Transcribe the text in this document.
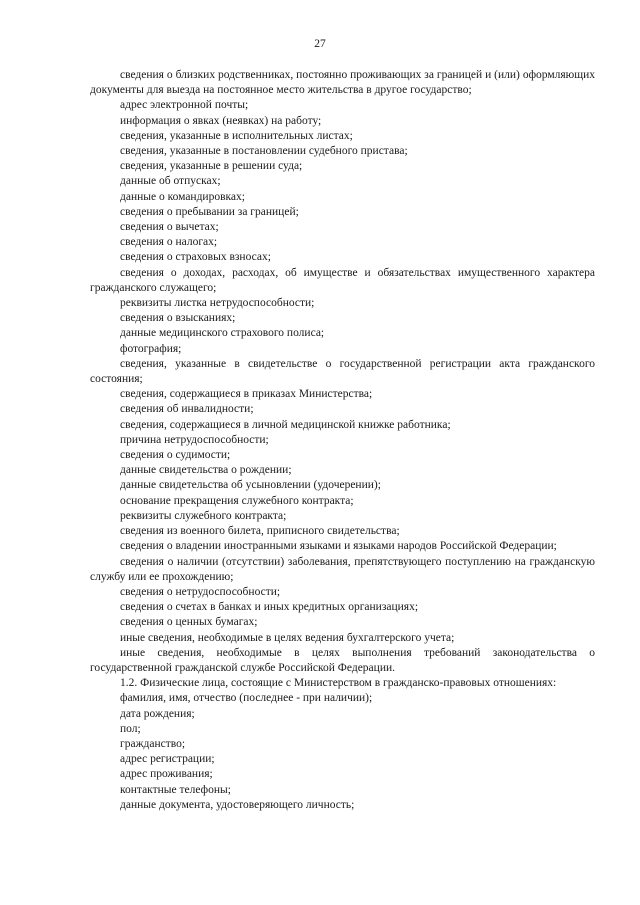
27

сведения о близких родственниках, постоянно проживающих за границей и (или) оформляющих документы для выезда на постоянное место жительства в другое государство;

адрес электронной почты;

информация о явках (неявках) на работу;

сведения, указанные в исполнительных листах;

сведения, указанные в постановлении судебного пристава;

сведения, указанные в решении суда;

данные об отпусках;

данные о командировках;

сведения о пребывании за границей;

сведения о вычетах;

сведения о налогах;

сведения о страховых взносах;

сведения о доходах, расходах, об имуществе и обязательствах имущественного характера гражданского служащего;

реквизиты листка нетрудоспособности;

сведения о взысканиях;

данные медицинского страхового полиса;

фотография;

сведения, указанные в свидетельстве о государственной регистрации акта гражданского состояния;

сведения, содержащиеся в приказах Министерства;

сведения об инвалидности;

сведения, содержащиеся в личной медицинской книжке работника;

причина нетрудоспособности;

сведения о судимости;

данные свидетельства о рождении;

данные свидетельства об усыновлении (удочерении);

основание прекращения служебного контракта;

реквизиты служебного контракта;

сведения из военного билета, приписного свидетельства;

сведения о владении иностранными языками и языками народов Российской Федерации;

сведения о наличии (отсутствии) заболевания, препятствующего поступлению на гражданскую службу или ее прохождению;

сведения о нетрудоспособности;

сведения о счетах в банках и иных кредитных организациях;

сведения о ценных бумагах;

иные сведения, необходимые в целях ведения бухгалтерского учета;

иные сведения, необходимые в целях выполнения требований законодательства о государственной гражданской службе Российской Федерации.

1.2. Физические лица, состоящие с Министерством в гражданско-правовых отношениях:

фамилия, имя, отчество (последнее - при наличии);

дата рождения;

пол;

гражданство;

адрес регистрации;

адрес проживания;

контактные телефоны;

данные документа, удостоверяющего личность;
